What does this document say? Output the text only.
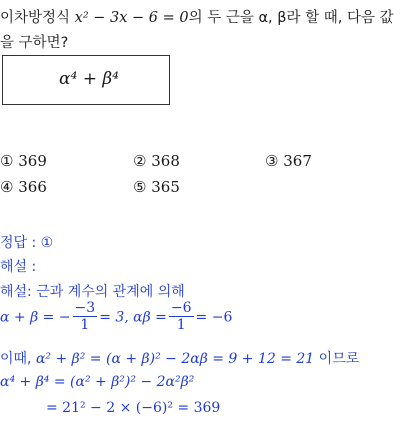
이차방정식 x² − 3x − 6 = 0의 두 근을 α, β라 할 때, 다음 값
을 구하면?
α⁴ + β⁴
① 369	② 368	③ 367
④ 366	⑤ 365
정답 : ①
해설 :
해설: 근과 계수의 관계에 의해
α + β = − $\frac{-3}{1} = 3$, $\alpha\beta = \frac{-6}{1} = -6$
이때, α² + β² = (α + β)² − 2αβ = 9 + 12 = 21 이므로
α⁴ + β⁴ = (α² + β²)² − 2α²β²
= 21² − 2 × (−6)² = 369
